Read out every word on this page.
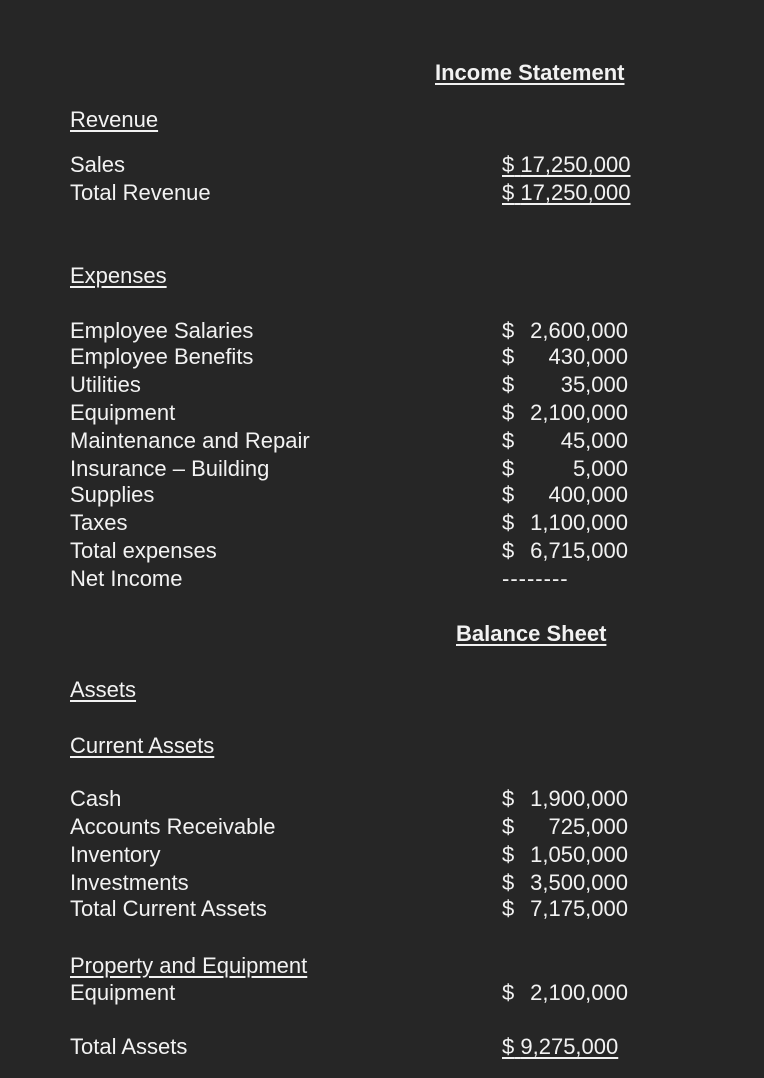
Income Statement
Revenue
Sales	$ 17,250,000
Total Revenue	$ 17,250,000
Expenses
Employee Salaries	$ 2,600,000
Employee Benefits	$ 430,000
Utilities	$ 35,000
Equipment	$ 2,100,000
Maintenance and Repair	$ 45,000
Insurance – Building	$	5,000
Supplies	$ 400,000
Taxes	$ 1,100,000
Total expenses	$ 6,715,000
Net Income	--------
Balance Sheet
Assets
Current Assets
Cash	$ 1,900,000
Accounts Receivable	$ 725,000
Inventory	$ 1,050,000
Investments	$ 3,500,000
Total Current Assets	$ 7,175,000
Property and Equipment
Equipment	$ 2,100,000
Total Assets	$ 9,275,000
